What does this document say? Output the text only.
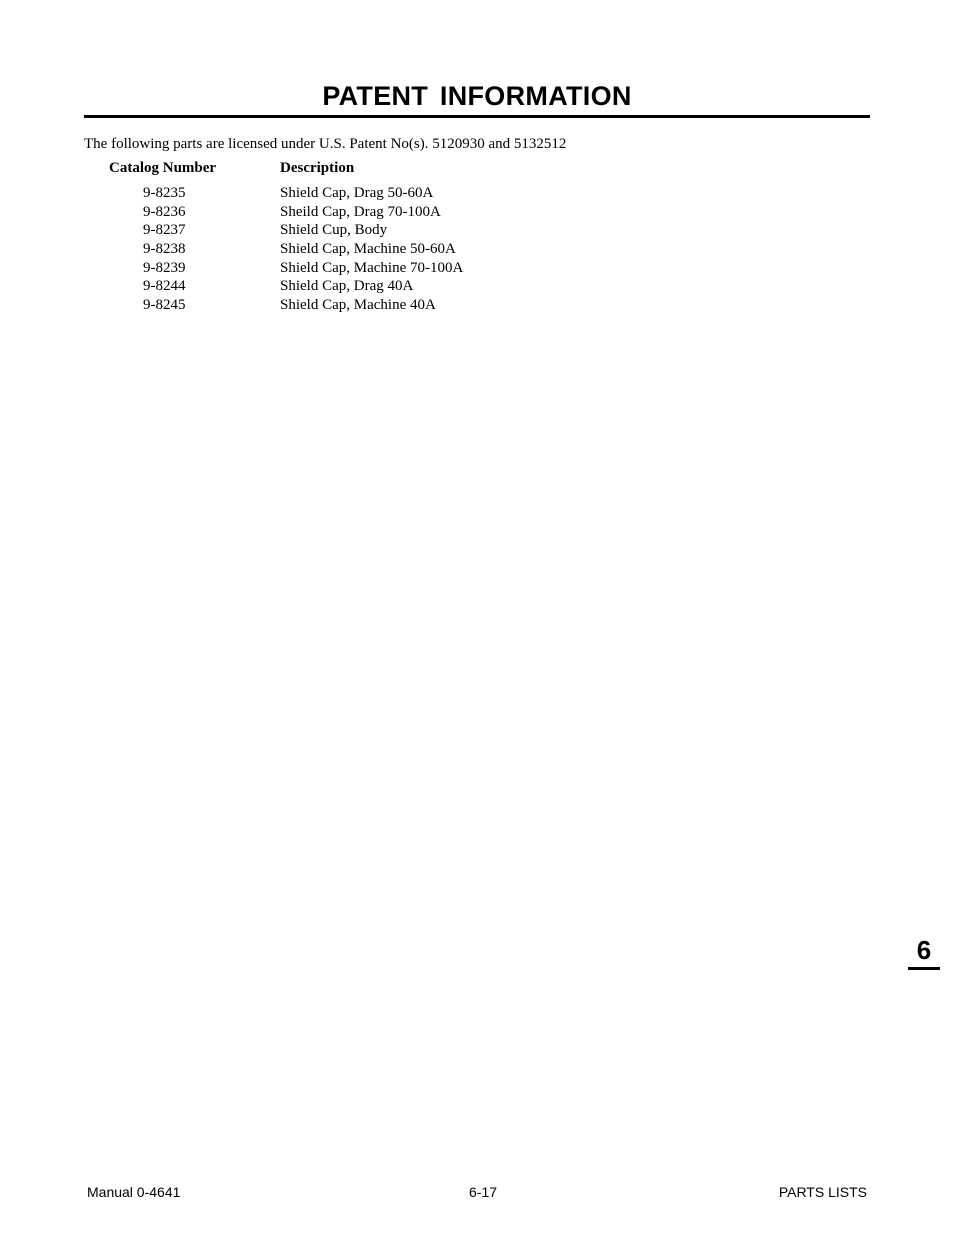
PATENT INFORMATION
The following parts are licensed under U.S. Patent No(s). 5120930 and 5132512
Catalog Number	Description
9-8235	Shield Cap, Drag 50-60A
9-8236	Sheild Cap, Drag 70-100A
9-8237	Shield Cup, Body
9-8238	Shield Cap, Machine 50-60A
9-8239	Shield Cap, Machine 70-100A
9-8244	Shield Cap, Drag 40A
9-8245	Shield Cap, Machine 40A
6
Manual 0-4641	6-17	PARTS LISTS
